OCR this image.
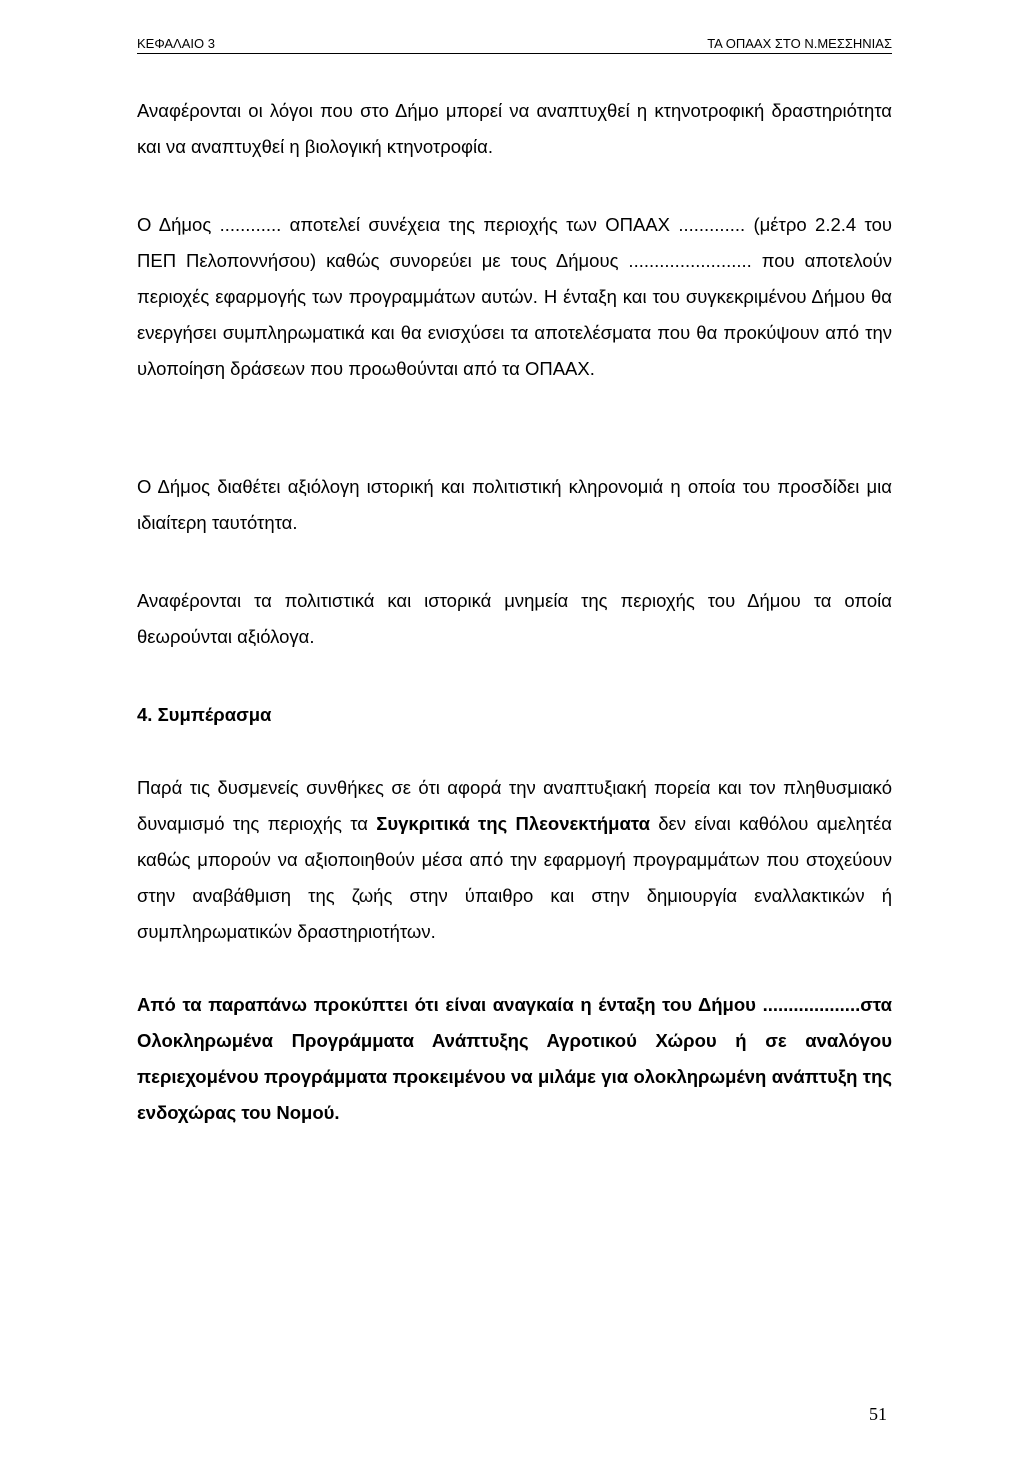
ΚΕΦΑΛΑΙΟ 3	ΤΑ ΟΠΑΑΧ ΣΤΟ Ν.ΜΕΣΣΗΝΙΑΣ

Αναφέρονται οι λόγοι που στο Δήμο μπορεί να αναπτυχθεί η κτηνοτροφική δραστηριότητα και να αναπτυχθεί η βιολογική κτηνοτροφία.

Ο Δήμος ............ αποτελεί συνέχεια της περιοχής των ΟΠΑΑΧ ............. (μέτρο 2.2.4 του ΠΕΠ Πελοποννήσου) καθώς συνορεύει με τους Δήμους ........................ που αποτελούν περιοχές εφαρμογής των προγραμμάτων αυτών. Η ένταξη και του συγκεκριμένου Δήμου θα ενεργήσει συμπληρωματικά και θα ενισχύσει τα αποτελέσματα που θα προκύψουν από την υλοποίηση δράσεων που προωθούνται από τα ΟΠΑΑΧ.

Ο Δήμος διαθέτει αξιόλογη ιστορική και πολιτιστική κληρονομιά η οποία του προσδίδει μια ιδιαίτερη ταυτότητα.

Αναφέρονται τα πολιτιστικά και ιστορικά μνημεία της περιοχής του Δήμου τα οποία θεωρούνται αξιόλογα.

4. Συμπέρασμα

Παρά τις δυσμενείς συνθήκες σε ότι αφορά την αναπτυξιακή πορεία και τον πληθυσμιακό δυναμισμό της περιοχής τα Συγκριτικά της Πλεονεκτήματα δεν είναι καθόλου αμελητέα καθώς μπορούν να αξιοποιηθούν μέσα από την εφαρμογή προγραμμάτων που στοχεύουν στην αναβάθμιση της ζωής στην ύπαιθρο και στην δημιουργία εναλλακτικών ή συμπληρωματικών δραστηριοτήτων.

Από τα παραπάνω προκύπτει ότι είναι αναγκαία η ένταξη του Δήμου ...................στα Ολοκληρωμένα Προγράμματα Ανάπτυξης Αγροτικού Χώρου ή σε αναλόγου περιεχομένου προγράμματα προκειμένου να μιλάμε για ολοκληρωμένη ανάπτυξη της ενδοχώρας του Νομού.

51
